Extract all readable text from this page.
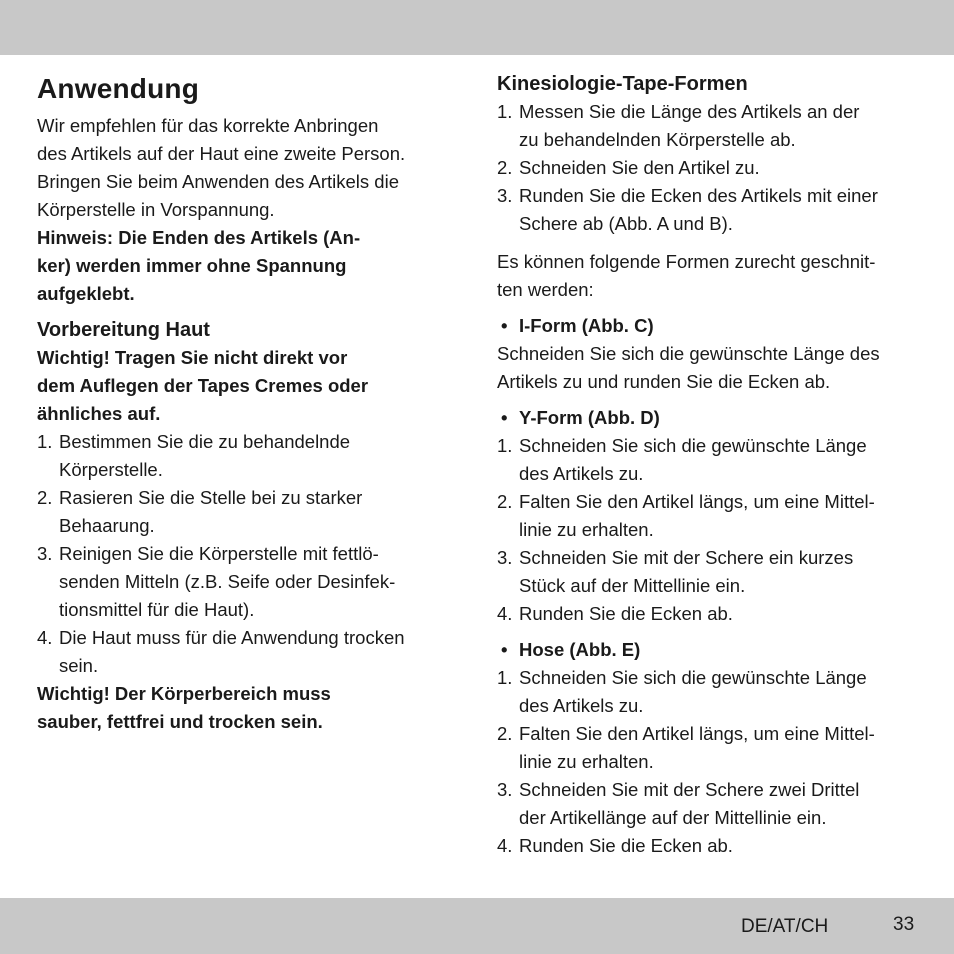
Anwendung

Wir empfehlen für das korrekte Anbringen
des Artikels auf der Haut eine zweite Person.
Bringen Sie beim Anwenden des Artikels die
Körperstelle in Vorspannung.

Hinweis: Die Enden des Artikels (An-
ker) werden immer ohne Spannung
aufgeklebt.

Vorbereitung Haut

Wichtig! Tragen Sie nicht direkt vor
dem Auflegen der Tapes Cremes oder
ähnliches auf.

1. Bestimmen Sie die zu behandelnde
Körperstelle.
2. Rasieren Sie die Stelle bei zu starker
Behaarung.
3. Reinigen Sie die Körperstelle mit fettlö-
senden Mitteln (z.B. Seife oder Desinfek-
tionsmittel für die Haut).
4. Die Haut muss für die Anwendung trocken
sein.

Wichtig! Der Körperbereich muss
sauber, fettfrei und trocken sein.

Kinesiologie-Tape-Formen
1. Messen Sie die Länge des Artikels an der
zu behandelnden Körperstelle ab.
2. Schneiden Sie den Artikel zu.
3. Runden Sie die Ecken des Artikels mit einer
Schere ab (Abb. A und B).

Es können folgende Formen zurecht geschnit-
ten werden:

• I-Form (Abb. C)

Schneiden Sie sich die gewünschte Länge des
Artikels zu und runden Sie die Ecken ab.

• Y-Form (Abb. D)
1. Schneiden Sie sich die gewünschte Länge
des Artikels zu.
2. Falten Sie den Artikel längs, um eine Mittel-
linie zu erhalten.
3. Schneiden Sie mit der Schere ein kurzes
Stück auf der Mittellinie ein.
4. Runden Sie die Ecken ab.
• Hose (Abb. E)
1. Schneiden Sie sich die gewünschte Länge
des Artikels zu.
2. Falten Sie den Artikel längs, um eine Mittel-
linie zu erhalten.
3. Schneiden Sie mit der Schere zwei Drittel
der Artikellänge auf der Mittellinie ein.
4. Runden Sie die Ecken ab.
DE/AT/CH	33
